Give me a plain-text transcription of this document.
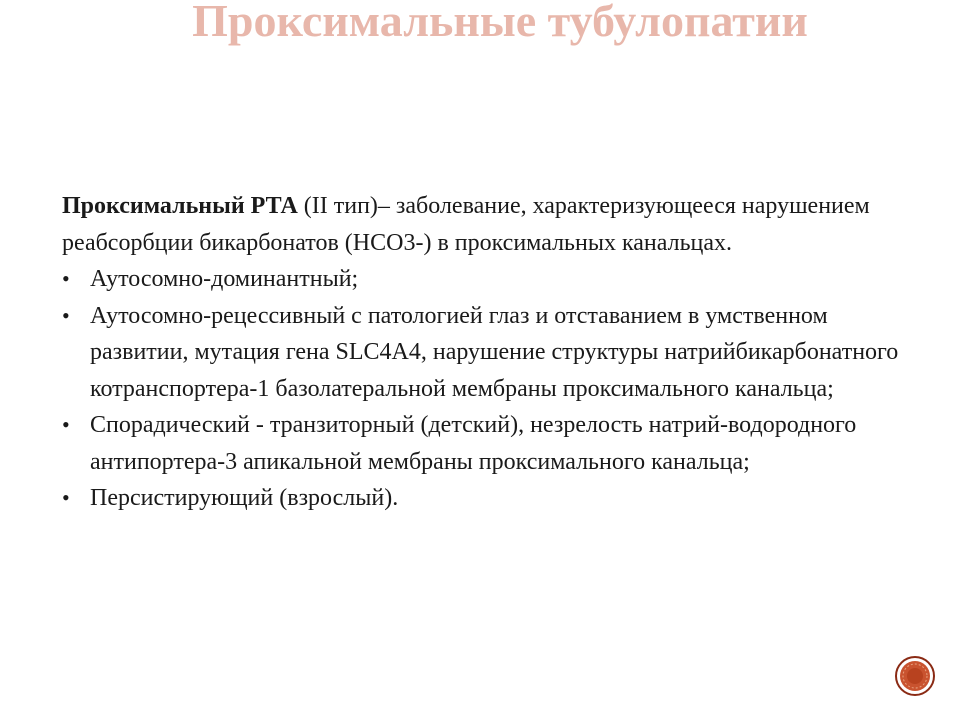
Проксимальные тубулопатии

Проксимальный РТА (II тип)– заболевание, характеризующееся нарушением реабсорбции бикарбонатов (НСО3-) в проксимальных канальцах.

• Аутосомно-доминантный;
• Аутосомно-рецессивный с патологией глаз и отставанием в умственном развитии, мутация гена SLC4A4, нарушение структуры натрийбикарбонатного котранспортера-1 базолатеральной мембраны проксимального канальца;
• Спорадический - транзиторный (детский), незрелость натрий-водородного антипортера-3 апикальной мембраны проксимального канальца;
• Персистирующий (взрослый).
